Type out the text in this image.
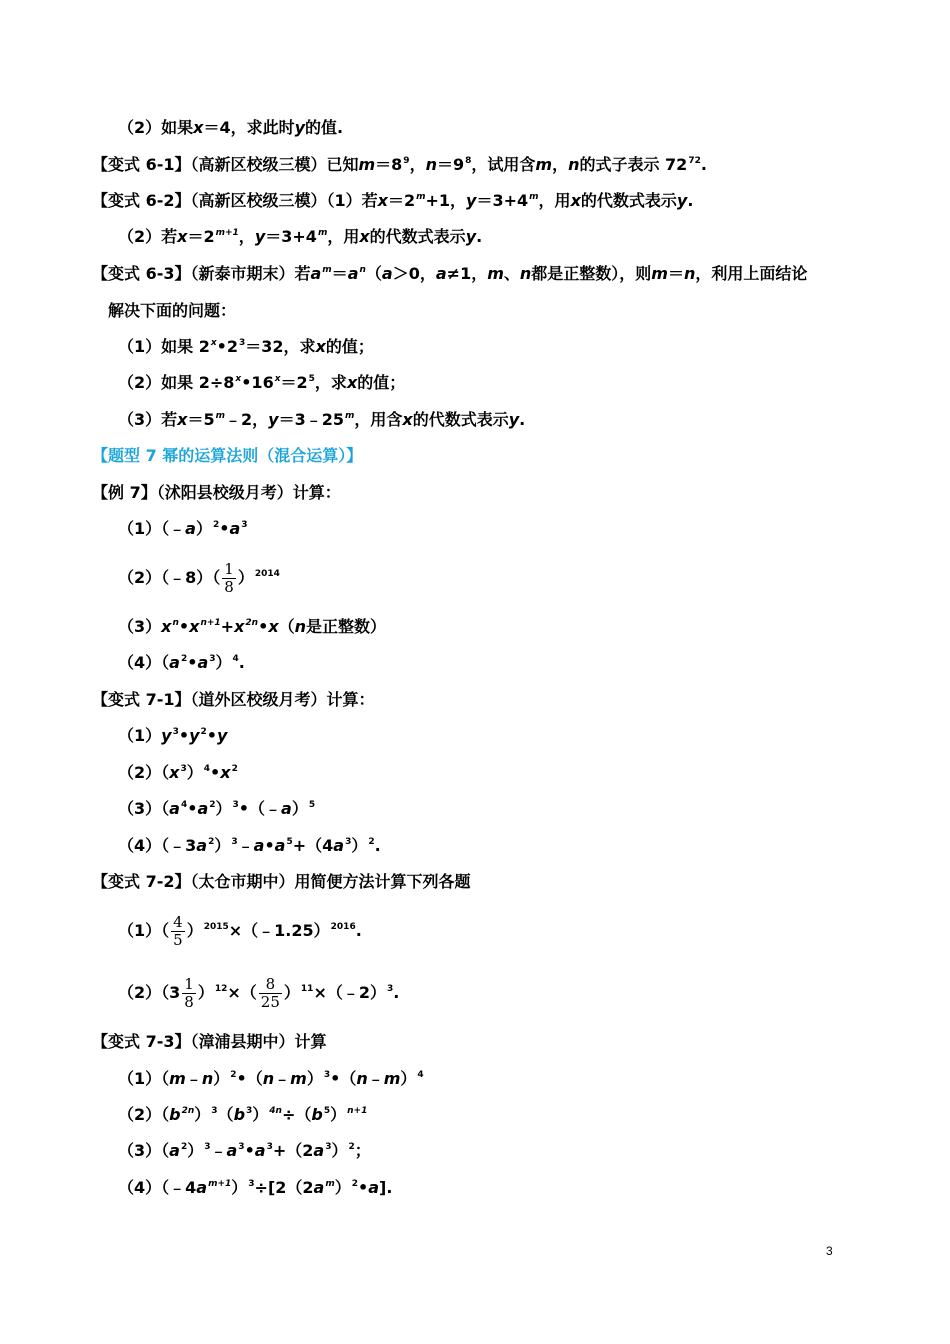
（2）如果x＝4，求此时y的值.
【变式 6-1】（高新区校级三模）已知$m=8^9$，$n=9^8$，试用含m，n的式子表示 $72^{72}$.
【变式 6-2】（高新区校级三模）（1）若$x=2^m+1$，$y=3+4^m$，用x的代数式表示y.
（2）若$x=2^{m+1}$，$y=3+4^m$，用x的代数式表示y.
【变式 6-3】（新泰市期末）若$a^m=a^n(a>0$，a≠1，m、n都是正整数），则m＝n，利用上面结论
解决下面的问题：
（1）如果 $2^x•2^3=32$，求x的值；
（2）如果 $2\div 8^x•16^x=2^5$，求x的值；
（3）若$x=5^m﹣2$，$y=3﹣25^m$，用含x的代数式表示y.
【题型 7 幂的运算法则（混合运算）】
【例 7】（沭阳县校级月考）计算：
$(1)(﹣a)^2•a^3$
（2）（﹣8）（ $\frac{1}{8} )^{2014}$
$(3)x^n•x^{n+1}+x^{2n}•x(n$是正整数）
$(4)(a^2•a^3)^4$.
【变式 7-1】（道外区校级月考）计算：
$(1)y^3•y^2•y$
$(2)(x^3)^4•x^2$
$(3)(a^4•a^2)^3•(﹣a)^5$
$(4)(﹣3a^2)^3﹣a•a^5+(4a^3)^2$.
【变式 7-2】（太仓市期中）用简便方法计算下列各题
$(1)( \frac{4}{5}$ ）$^{2015}\times(﹣1.25)^{2016}$.
$(2)(3 \frac{1}{8} )^{12}\times( \frac{8}{25}$ ）$^{11}\times(﹣2)^3$.
【变式 7-3】（漳浦县期中）计算
（1）（m﹣n）$^2$•（n﹣m）$^3$•（n﹣m）$^4$
$(2)(b^{2n})^3(b^3)^{4n}\div(b^5)^{n+1}$
$(3)(a^2)^3﹣a^3•a^3+(2a^3)^2$；
$(4)(﹣4a^{m+1})^3\div[2(2a^m)^2•a]$.
3
